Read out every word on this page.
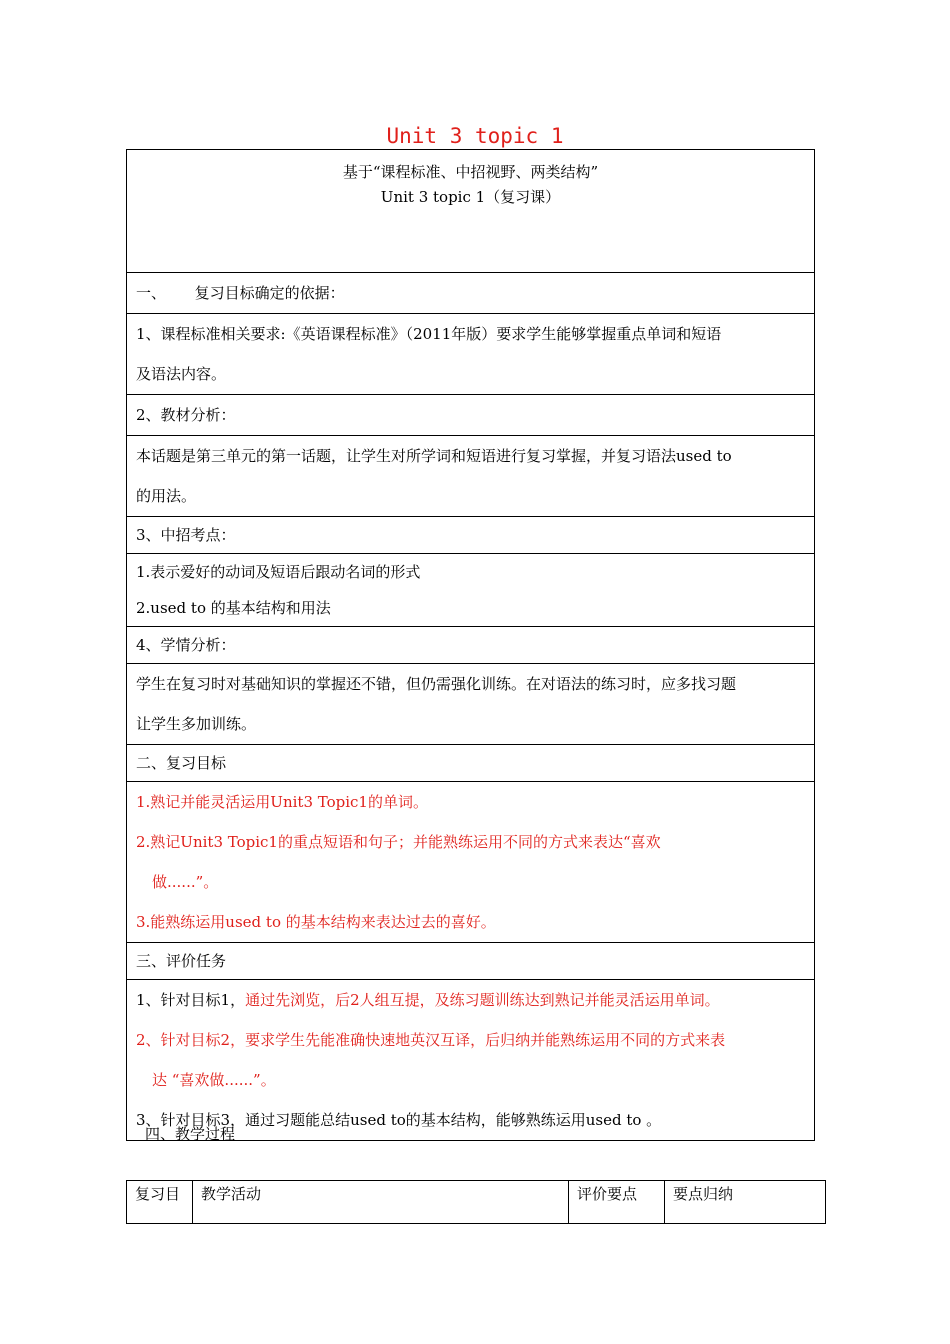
Unit 3 topic 1
基于“课程标准、中招视野、两类结构”
Unit 3 topic 1（复习课）

一、      复习目标确定的依据：

1、课程标准相关要求:《英语课程标准》（2011年版）要求学生能够掌握重点单词和短语
及语法内容。

2、教材分析：

本话题是第三单元的第一话题，让学生对所学词和短语进行复习掌握，并复习语法used to
的用法。

3、中招考点：

1.表示爱好的动词及短语后跟动名词的形式
2.used to 的基本结构和用法

4、学情分析：

学生在复习时对基础知识的掌握还不错，但仍需强化训练。在对语法的练习时，应多找习题
让学生多加训练。

二、复习目标

1.熟记并能灵活运用Unit3 Topic1的单词。
2.熟记Unit3 Topic1的重点短语和句子；并能熟练运用不同的方式来表达“喜欢
做......”。
3.能熟练运用used to 的基本结构来表达过去的喜好。

三、评价任务

1、针对目标1，通过先浏览，后2人组互提，及练习题训练达到熟记并能灵活运用单词。
2、针对目标2，要求学生先能准确快速地英汉互译，后归纳并能熟练运用不同的方式来表
达 “喜欢做......”。
3、针对目标3，通过习题能总结used to的基本结构，能够熟练运用used to 。
四、教学过程
复习目	教学活动	评价要点	要点归纳
